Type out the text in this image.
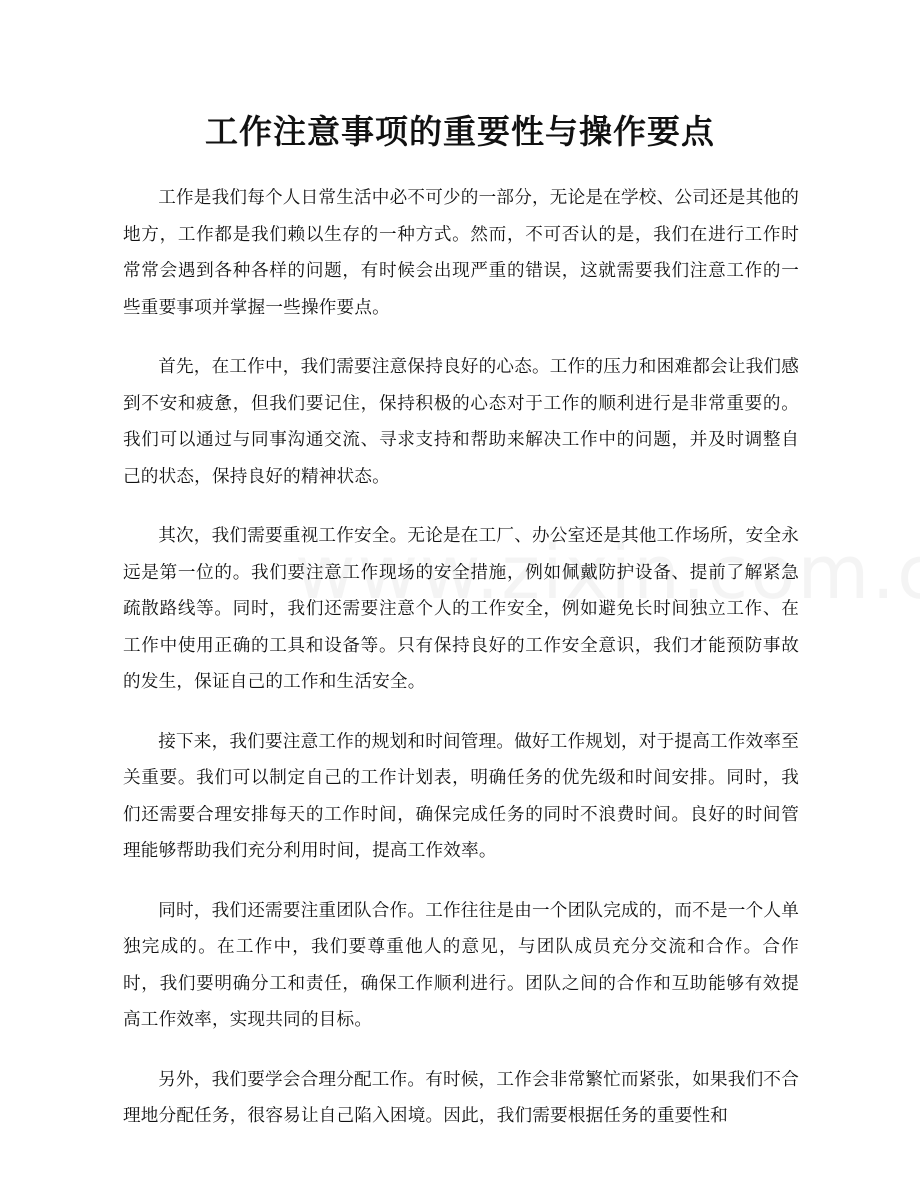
工作注意事项的重要性与操作要点

工作是我们每个人日常生活中必不可少的一部分，无论是在学校、公司还是其他的地方，工作都是我们赖以生存的一种方式。然而，不可否认的是，我们在进行工作时常常会遇到各种各样的问题，有时候会出现严重的错误，这就需要我们注意工作的一些重要事项并掌握一些操作要点。

首先，在工作中，我们需要注意保持良好的心态。工作的压力和困难都会让我们感到不安和疲惫，但我们要记住，保持积极的心态对于工作的顺利进行是非常重要的。我们可以通过与同事沟通交流、寻求支持和帮助来解决工作中的问题，并及时调整自己的状态，保持良好的精神状态。

其次，我们需要重视工作安全。无论是在工厂、办公室还是其他工作场所，安全永远是第一位的。我们要注意工作现场的安全措施，例如佩戴防护设备、提前了解紧急疏散路线等。同时，我们还需要注意个人的工作安全，例如避免长时间独立工作、在工作中使用正确的工具和设备等。只有保持良好的工作安全意识，我们才能预防事故的发生，保证自己的工作和生活安全。

接下来，我们要注意工作的规划和时间管理。做好工作规划，对于提高工作效率至关重要。我们可以制定自己的工作计划表，明确任务的优先级和时间安排。同时，我们还需要合理安排每天的工作时间，确保完成任务的同时不浪费时间。良好的时间管理能够帮助我们充分利用时间，提高工作效率。

同时，我们还需要注重团队合作。工作往往是由一个团队完成的，而不是一个人单独完成的。在工作中，我们要尊重他人的意见，与团队成员充分交流和合作。合作时，我们要明确分工和责任，确保工作顺利进行。团队之间的合作和互助能够有效提高工作效率，实现共同的目标。

另外，我们要学会合理分配工作。有时候，工作会非常繁忙而紧张，如果我们不合理地分配任务，很容易让自己陷入困境。因此，我们需要根据任务的重要性和
